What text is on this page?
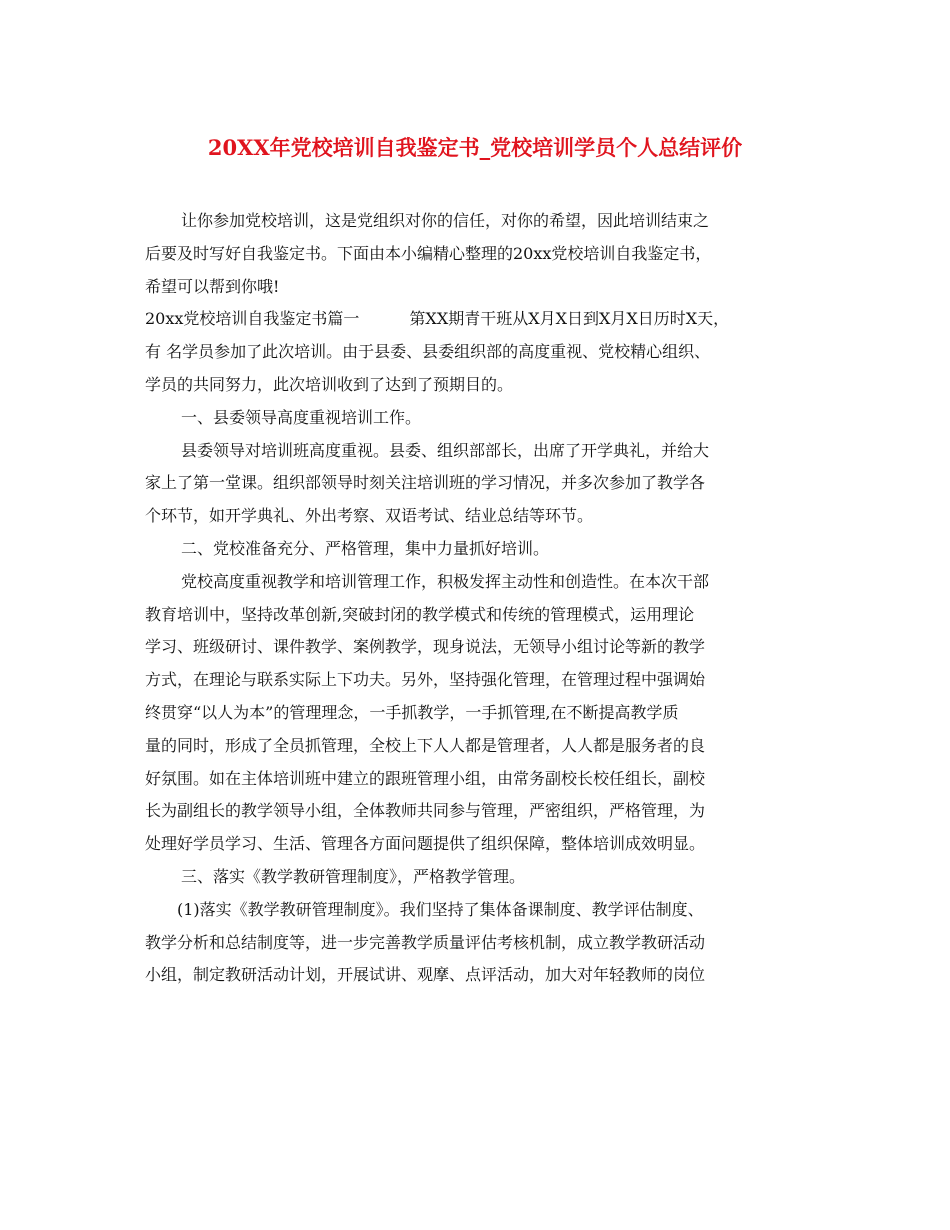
20XX年党校培训自我鉴定书_党校培训学员个人总结评价
让你参加党校培训，这是党组织对你的信任，对你的希望，因此培训结束之
后要及时写好自我鉴定书。下面由本小编精心整理的20xx党校培训自我鉴定书，
希望可以帮到你哦!
20xx党校培训自我鉴定书篇一	第XX期青干班从X月X日到X月X日历时X天，
有 名学员参加了此次培训。由于县委、县委组织部的高度重视、党校精心组织、
学员的共同努力，此次培训收到了达到了预期目的。
一、县委领导高度重视培训工作。
县委领导对培训班高度重视。县委、组织部部长，出席了开学典礼，并给大
家上了第一堂课。组织部领导时刻关注培训班的学习情况，并多次参加了教学各
个环节，如开学典礼、外出考察、双语考试、结业总结等环节。
二、党校准备充分、严格管理，集中力量抓好培训。
党校高度重视教学和培训管理工作，积极发挥主动性和创造性。在本次干部
教育培训中，坚持改革创新,突破封闭的教学模式和传统的管理模式，运用理论
学习、班级研讨、课件教学、案例教学，现身说法，无领导小组讨论等新的教学
方式，在理论与联系实际上下功夫。另外，坚持强化管理，在管理过程中强调始
终贯穿“以人为本”的管理理念，一手抓教学，一手抓管理,在不断提高教学质
量的同时，形成了全员抓管理，全校上下人人都是管理者，人人都是服务者的良
好氛围。如在主体培训班中建立的跟班管理小组，由常务副校长校任组长，副校
长为副组长的教学领导小组，全体教师共同参与管理，严密组织，严格管理，为
处理好学员学习、生活、管理各方面问题提供了组织保障，整体培训成效明显。
三、落实《教学教研管理制度》，严格教学管理。
(1)落实《教学教研管理制度》。我们坚持了集体备课制度、教学评估制度、
教学分析和总结制度等，进一步完善教学质量评估考核机制，成立教学教研活动
小组，制定教研活动计划，开展试讲、观摩、点评活动，加大对年轻教师的岗位
